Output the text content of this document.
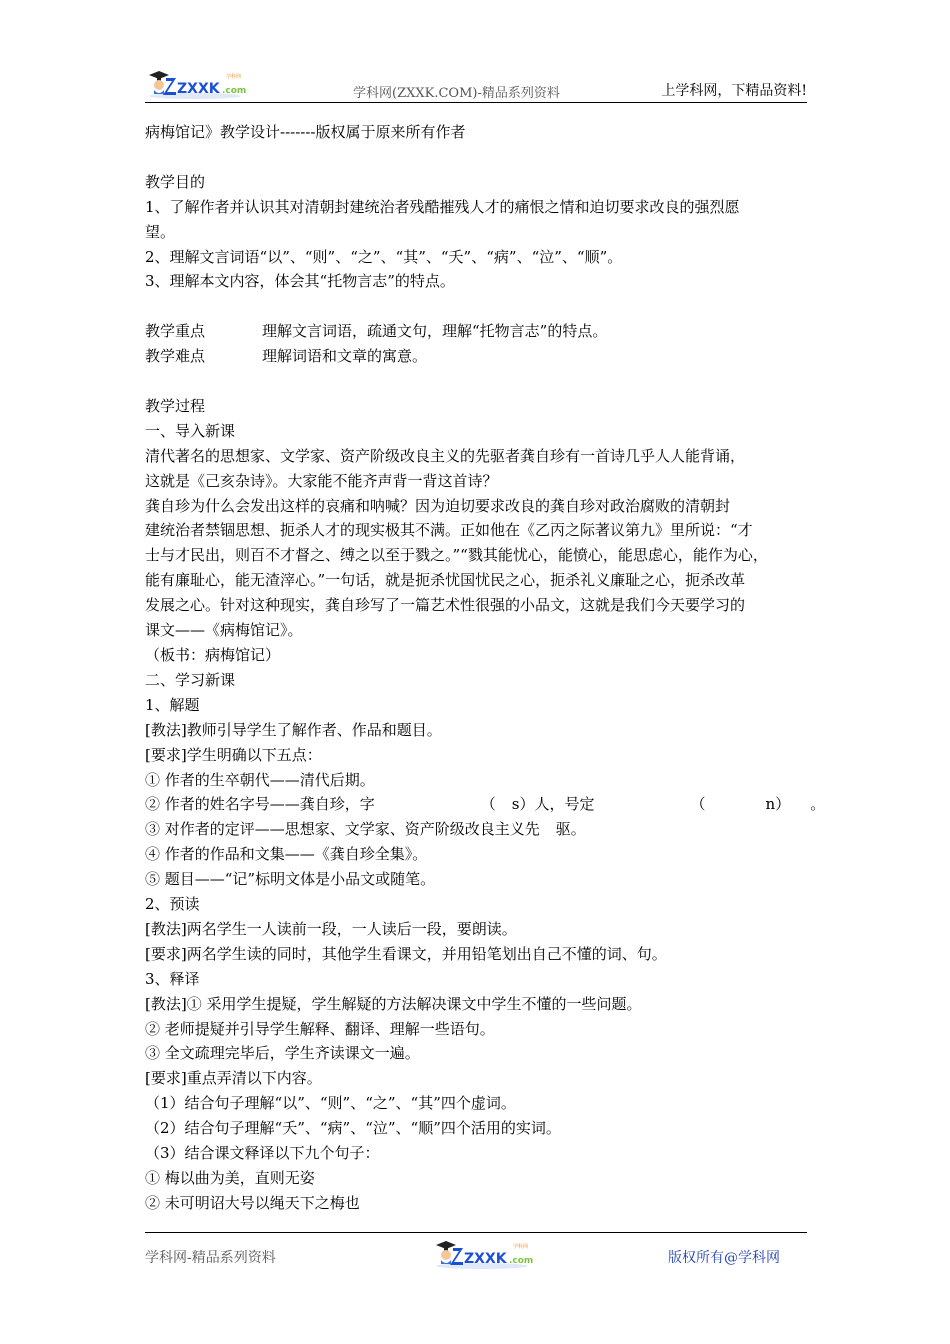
ZXXK .com
学科网
学科网(ZXXK.COM)-精品系列资料	上学科网，下精品资料!

病梅馆记》教学设计-------版权属于原来所有作者

教学目的

1、了解作者并认识其对清朝封建统治者残酷摧残人才的痛恨之情和迫切要求改良的强烈愿

望。

2、理解文言词语“以”、“则”、“之”、“其”、“夭”、“病”、“泣”、“顺”。

3、理解本文内容，体会其“托物言志”的特点。

教学重点	理解文言词语，疏通文句，理解“托物言志”的特点。

教学难点	理解词语和文章的寓意。

教学过程

一、导入新课

清代著名的思想家、文学家、资产阶级改良主义的先驱者龚自珍有一首诗几乎人人能背诵，

这就是《己亥杂诗》。大家能不能齐声背一背这首诗？

龚自珍为什么会发出这样的哀痛和呐喊？因为迫切要求改良的龚自珍对政治腐败的清朝封

建统治者禁锢思想、扼杀人才的现实极其不满。正如他在《乙丙之际著议第九》里所说：“才

士与才民出，则百不才督之、缚之以至于戮之。”“戮其能忧心，能愤心，能思虑心，能作为心，

能有廉耻心，能无渣滓心。”一句话，就是扼杀忧国忧民之心，扼杀礼义廉耻之心，扼杀改革

发展之心。针对这种现实，龚自珍写了一篇艺术性很强的小品文，这就是我们今天要学习的

课文——《病梅馆记》。

（板书：病梅馆记）

二、学习新课

1、解题

[教法]教师引导学生了解作者、作品和题目。

[要求]学生明确以下五点：

① 作者的生卒朝代——清代后期。

② 作者的姓名字号——龚自珍，字	（ s）人，号定	（	n） 。

③ 对作者的定评——思想家、文学家、资产阶级改良主义先 驱。

④ 作者的作品和文集——《龚自珍全集》。

⑤ 题目——“记”标明文体是小品文或随笔。

2、预读

[教法]两名学生一人读前一段，一人读后一段，要朗读。

[要求]两名学生读的同时，其他学生看课文，并用铅笔划出自己不懂的词、句。

3、释译

[教法]① 采用学生提疑，学生解疑的方法解决课文中学生不懂的一些问题。

② 老师提疑并引导学生解释、翻译、理解一些语句。

③ 全文疏理完毕后，学生齐读课文一遍。

[要求]重点弄清以下内容。

（1）结合句子理解“以”、“则”、“之”、“其”四个虚词。

（2）结合句子理解“夭”、“病”、“泣”、“顺”四个活用的实词。

（3）结合课文释译以下九个句子：

① 梅以曲为美，直则无姿

② 未可明诏大号以绳天下之梅也

学科网-精品系列资料	ZXXK .com
学科网
版权所有@学科网
